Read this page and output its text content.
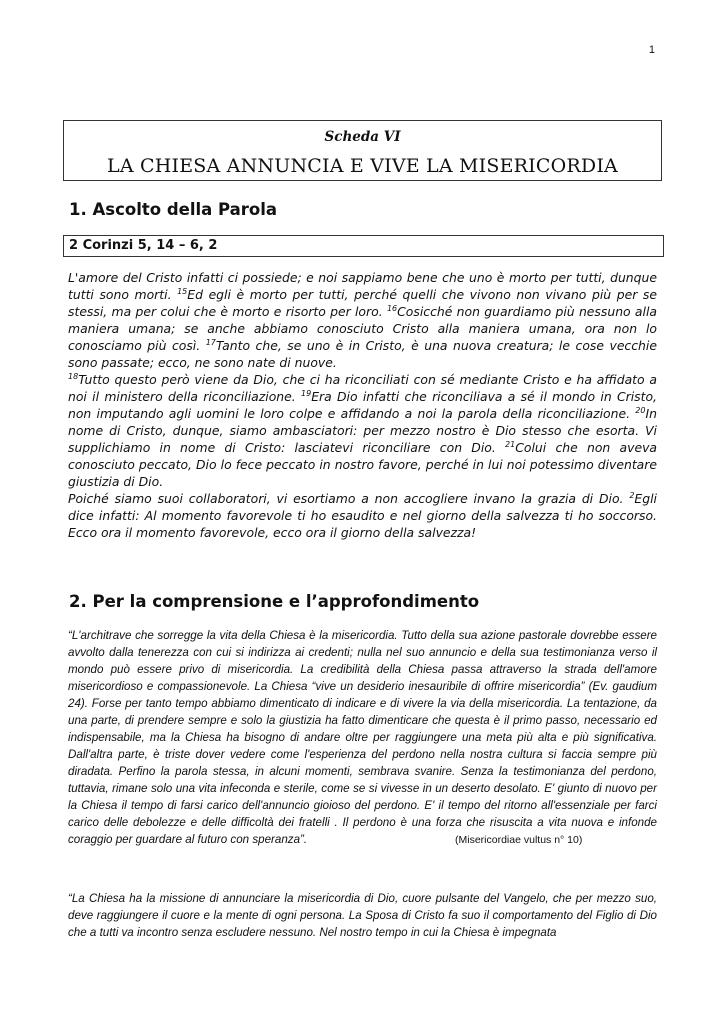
1
Scheda VI
LA CHIESA ANNUNCIA E VIVE LA MISERICORDIA
1. Ascolto della Parola
2 Corinzi 5, 14 – 6, 2

L'amore del Cristo infatti ci possiede; e noi sappiamo bene che uno è morto per tutti, dunque tutti sono morti. $^{15}$Ed egli è morto per tutti, perché quelli che vivono non vivano più per se stessi, ma per colui che è morto e risorto per loro. $^{16}$Cosicché non guardiamo più nessuno alla maniera umana; se anche abbiamo conosciuto Cristo alla maniera umana, ora non lo conosciamo più così. $^{17}$Tanto che, se uno è in Cristo, è una nuova creatura; le cose vecchie sono passate; ecco, ne sono nate di nuove.

$^{18}$Tutto questo però viene da Dio, che ci ha riconciliati con sé mediante Cristo e ha affidato a noi il ministero della riconciliazione. $^{19}$Era Dio infatti che riconciliava a sé il mondo in Cristo, non imputando agli uomini le loro colpe e affidando a noi la parola della riconciliazione. $^{20}$In nome di Cristo, dunque, siamo ambasciatori: per mezzo nostro è Dio stesso che esorta. Vi supplichiamo in nome di Cristo: lasciatevi riconciliare con Dio. $^{21}$Colui che non aveva conosciuto peccato, Dio lo fece peccato in nostro favore, perché in lui noi potessimo diventare giustizia di Dio.

Poiché siamo suoi collaboratori, vi esortiamo a non accogliere invano la grazia di Dio. $^2$Egli dice infatti: Al momento favorevole ti ho esaudito e nel giorno della salvezza ti ho soccorso. Ecco ora il momento favorevole, ecco ora il giorno della salvezza!

2. Per la comprensione e l’approfondimento

“L'architrave che sorregge la vita della Chiesa è la misericordia. Tutto della sua azione pastorale dovrebbe essere avvolto dalla tenerezza con cui si indirizza ai credenti; nulla nel suo annuncio e della sua testimonianza verso il mondo può essere privo di misericordia. La credibilità della Chiesa passa attraverso la strada dell'amore misericordioso e compassionevole. La Chiesa “vive un desiderio inesauribile di offrire misericordia” (Ev. gaudium 24). Forse per tanto tempo abbiamo dimenticato di indicare e di vivere la via della misericordia. La tentazione, da una parte, di prendere sempre e solo la giustizia ha fatto dimenticare che questa è il primo passo, necessario ed indispensabile, ma la Chiesa ha bisogno di andare oltre per raggiungere una meta più alta e più significativa. Dall'altra parte, è triste dover vedere come l'esperienza del perdono nella nostra cultura si faccia sempre più diradata. Perfino la parola stessa, in alcuni momenti, sembrava svanire. Senza la testimonianza del perdono, tuttavia, rimane solo una vita infeconda e sterile, come se si vivesse in un deserto desolato. E' giunto di nuovo per la Chiesa il tempo di farsi carico dell'annuncio gioioso del perdono. E' il tempo del ritorno all'essenziale per farci carico delle debolezze e delle difficoltà dei fratelli . Il perdono è una forza che risuscita a vita nuova e infonde coraggio per guardare al futuro con speranza”.	(Misericordiae vultus n° 10)

“La Chiesa ha la missione di annunciare la misericordia di Dio, cuore pulsante del Vangelo, che per mezzo suo, deve raggiungere il cuore e la mente di ogni persona. La Sposa di Cristo fa suo il comportamento del Figlio di Dio che a tutti va incontro senza escludere nessuno. Nel nostro tempo in cui la Chiesa è impegnata
